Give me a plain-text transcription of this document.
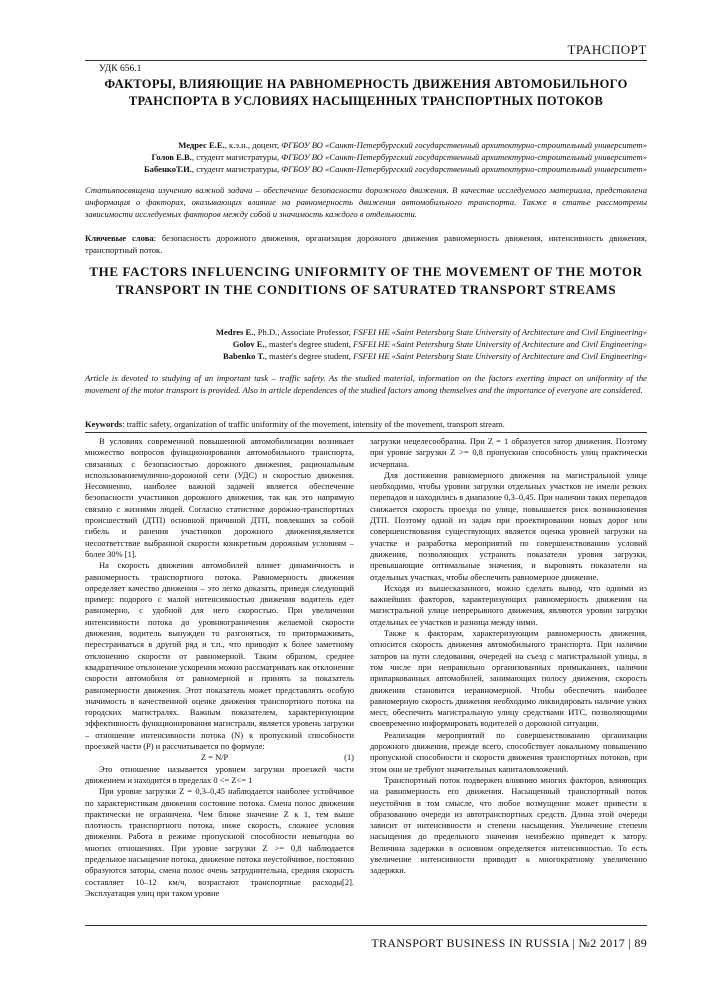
ТРАНСПОРТ
УДК 656.1
ФАКТОРЫ, ВЛИЯЮЩИЕ НА РАВНОМЕРНОСТЬ ДВИЖЕНИЯ АВТОМОБИЛЬНОГО ТРАНСПОРТА В УСЛОВИЯХ НАСЫЩЕННЫХ ТРАНСПОРТНЫХ ПОТОКОВ
Медрес Е.Е., к.э.н., доцент, ФГБОУ ВО «Санкт-Петербургский государственный архитектурно-строительный университет»
Голов Е.В., студент магистратуры, ФГБОУ ВО «Санкт-Петербургский государственный архитектурно-строительный университет»
БабенкоТ.И., студент магистратуры, ФГБОУ ВО «Санкт-Петербургский государственный архитектурно-строительный университет»
Статьяпосвящена изучению важной задачи – обеспечение безопасности дорожного движения. В качестве исследуемого материала, представлена информация о факторах, оказывающих влияние на равномерность движения автомобильного транспорта. Также в статье рассмотрены зависимости исследуемых факторов между собой и значимость каждого в отдельности.
Ключевые слова: безопасность дорожного движения, организация дорожного движения равномерность движения, интенсивность движения, транспортный поток.
THE FACTORS INFLUENCING UNIFORMITY OF THE MOVEMENT OF THE MOTOR TRANSPORT IN THE CONDITIONS OF SATURATED TRANSPORT STREAMS
Medres E., Ph.D., Associate Professor, FSFEI HE «Saint Petersburg State University of Architecture and Civil Engineering»
Golov E., master's degree student, FSFEI HE «Saint Petersburg State University of Architecture and Civil Engineering»
Babenko T., master's degree student, FSFEI HE «Saint Petersburg State University of Architecture and Civil Engineering»
Article is devoted to studying of an important task – traffic safety. As the studied material, information on the factors exerting impact on uniformity of the movement of the motor transport is provided. Also in article dependences of the studied factors among themselves and the importance of everyone are considered.
Keywords: traffic safety, organization of traffic uniformity of the movement, intensity of the movement, transport stream.

В условиях современной повышенной автомобилизации возникает множество вопросов функционирования автомобильного транспорта, связанных с безопасностью дорожного движения, рациональным использованиемулично-дорожной сети (УДС) и скоростью движения. Несомненно, наиболее важной задачей является обеспечение безопасности участников дорожного движения, так как это напрямую связано с жизнями людей. Согласно статистике дорожно-транспортных происшествий (ДТП) основной причиной ДТП, повлекших за собой гибель и ранения участников дорожного движения,является несоответствие выбранной скорости конкретным дорожным условиям – более 30% [1].

На скорость движения автомобилей влияет динамичность и равномерность транспортного потока. Равномерность движения определяет качество движения – это легко доказать, приведя следующий пример: подорого с малой интенсивностью движения водитель едет равномерно, с удобной для него скоростью. При увеличении интенсивности потока до уровняограничения желаемой скорости движения, водитель вынужден то разгоняться, то притормаживать, перестраиваться в другой ряд и т.п., что приводит к более заметному отклонению скорости от равномерной. Таким образом, среднее квадратичное отклонение ускорения можно рассматривать как отклонение скорости автомобиля от равномерной и принять за показатель равномерности движения. Этот показатель может представлять особую значимость в качественной оценке движения транспортного потока на городских магистралях. Важным показателем, характеризующим эффективность функционирования магистрали, является уровень загрузки – отношение интенсивности потока (N) к пропускной способности проезжей части (P) и рассчитывается по формуле:

Z = N/P	(1)

Это отношение называется уровнем загрузки проезжей части движением и находится в пределах 0 <= Z<= 1

При уровне загрузки Z = 0,3–0,45 наблюдается наиболее устойчивое по характеристикам движения состояние потока. Смена полос движения практически не ограничена. Чем ближе значение Z к 1, тем выше плотность транспортного потока, ниже скорость, сложнее условия движения. Работа в режиме пропускной способности невыгодна во многих отношениях. При уровне загрузки Z >= 0,8 наблюдается предельное насыщение потока, движение потока неустойчивое, постоянно образуются заторы, смена полос очень затруднительна, средняя скорость составляет 10–12 км/ч, возрастают транспортные расходы[2]. Эксплуатация улиц при таком уровне

загрузки нецелесообразна. При Z = 1 образуется затор движения. Поэтому при уровне загрузки Z >= 0,8 пропускная способность улиц практически исчерпана.

Для достижения равномерного движения на магистральной улице необходимо, чтобы уровни загрузки отдельных участков не имели резких перепадов и находились в диапазоне 0,3–0,45. При наличии таких перепадов снижается скорость проезда по улице, повышается риск возникновения ДТП. Поэтому одной из задач при проектировании новых дорог или совершенствования существующих является оценка уровней загрузки на участке и разработка мероприятий по совершенствованию условий движения, позволяющих устранить показатели уровня загрузки, превышающие оптимальные значения, и выровнять показатели на отдельных участках, чтобы обеспечить равномерное движение.

Исходя из вышесказанного, можно сделать вывод, что одними из важнейших факторов, характеризующих равномерность движения на магистральной улице непрерывного движения, являются уровни загрузки отдельных ее участков и разница между ними.

Также к факторам, характеризующим равномерность движения, относится скорость движения автомобильного транспорта. При наличии заторов на пути следования, очередей на съезд с магистральной улицы, в том числе при неправильно организованных примыканиях, наличии припаркованных автомобилей, занимающих полосу движения, скорость движения становится неравномерной. Чтобы обеспечить наиболее равномерную скорость движения необходимо ликвидировать наличие узких мест, обеспечить магистральную улицу средствами ИТС, позволяющими своевременно информировать водителей о дорожной ситуации.

Реализация мероприятий по совершенствованию организации дорожного движения, прежде всего, способствует локальному повышению пропускной способности и скорости движения транспортных потоков, при этом они не требуют значительных капиталовложений.

Транспортный поток подвержен влиянию многих факторов, влияющих на равномерность его движения. Насыщенный транспортный поток неустойчив в том смысле, что любое возмущение может привести к образованию очереди из автотранспортных средств. Длина этой очереди зависит от интенсивности и степени насыщения. Увеличение степени насыщения до предельного значения неизбежно приведет к затору. Величина задержки в основном определяется интенсивностью. То есть увеличение интенсивности приводит к многократному увеличению задержки.

TRANSPORT BUSINESS IN RUSSIA | №2 2017 | 89
